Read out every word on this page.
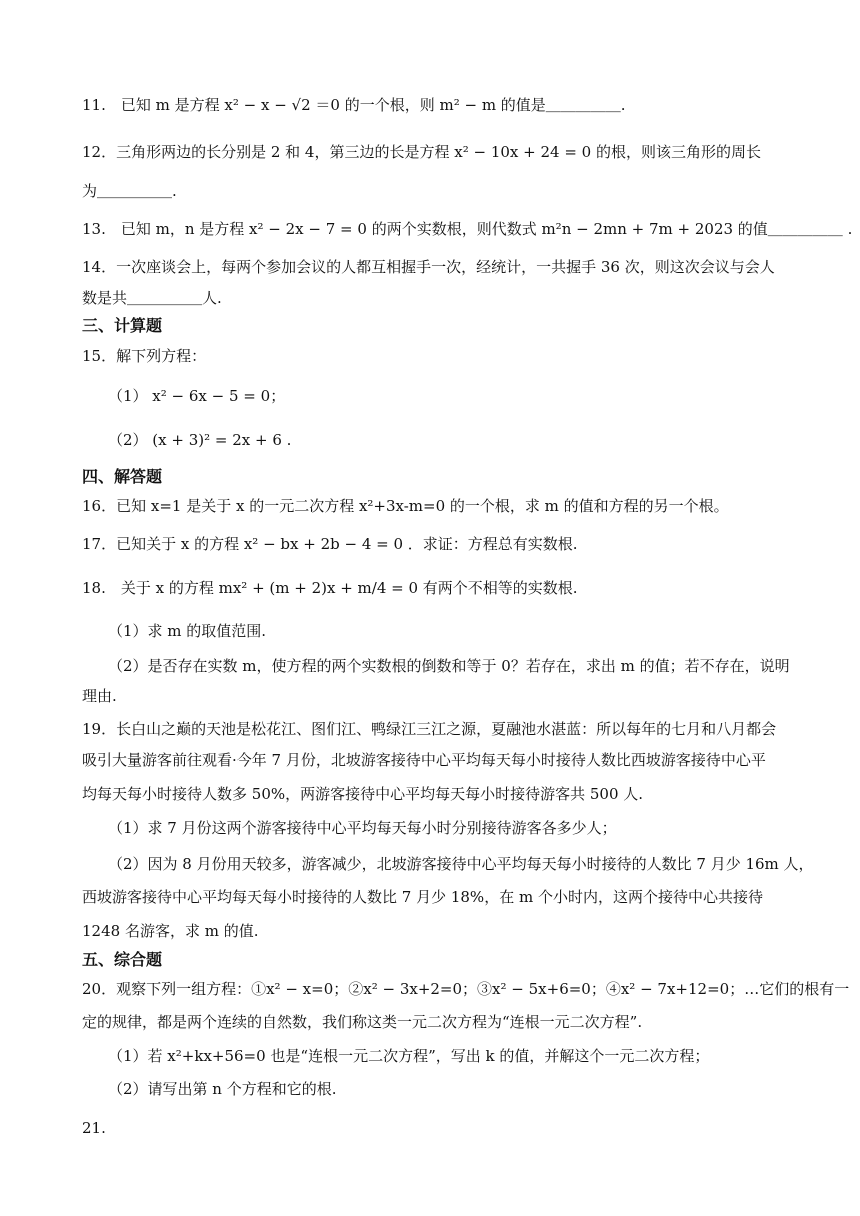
11.　已知 m 是方程 x² − x − √2 ＝0 的一个根，则 m² − m 的值是＿＿＿＿＿.
12．三角形两边的长分别是 2 和 4，第三边的长是方程 x² − 10x + 24 = 0 的根，则该三角形的周长
为＿＿＿＿＿.
13.　已知 m，n 是方程 x² − 2x − 7 = 0 的两个实数根，则代数式 m²n − 2mn + 7m + 2023 的值＿＿＿＿＿ .
14．一次座谈会上，每两个参加会议的人都互相握手一次，经统计，一共握手 36 次，则这次会议与会人
数是共＿＿＿＿＿人.
三、计算题
15．解下列方程：
（1） x² − 6x − 5 = 0；
（2） (x + 3)² = 2x + 6 .
四、解答题
16．已知 x=1 是关于 x 的一元二次方程 x²+3x-m=0 的一个根，求 m 的值和方程的另一个根。
17．已知关于 x 的方程 x² − bx + 2b − 4 = 0 ．求证：方程总有实数根.
18.　关于 x 的方程 mx² + (m + 2)x + m/4 = 0 有两个不相等的实数根.
（1）求 m 的取值范围.
（2）是否存在实数 m，使方程的两个实数根的倒数和等于 0？若存在，求出 m 的值；若不存在，说明
理由.
19．长白山之巅的天池是松花江、图们江、鸭绿江三江之源，夏融池水湛蓝：所以每年的七月和八月都会
吸引大量游客前往观看·今年 7 月份，北坡游客接待中心平均每天每小时接待人数比西坡游客接待中心平
均每天每小时接待人数多 50%，两游客接待中心平均每天每小时接待游客共 500 人.
（1）求 7 月份这两个游客接待中心平均每天每小时分别接待游客各多少人；
（2）因为 8 月份用天较多，游客减少，北坡游客接待中心平均每天每小时接待的人数比 7 月少 16m 人，
西坡游客接待中心平均每天每小时接待的人数比 7 月少 18%，在 m 个小时内，这两个接待中心共接待
1248 名游客，求 m 的值.
五、综合题
20．观察下列一组方程：①x² − x=0；②x² − 3x+2=0；③x² − 5x+6=0；④x² − 7x+12=0；…它们的根有一
定的规律，都是两个连续的自然数，我们称这类一元二次方程为“连根一元二次方程”.
（1）若 x²+kx+56=0 也是“连根一元二次方程”，写出 k 的值，并解这个一元二次方程；
（2）请写出第 n 个方程和它的根.
21.
